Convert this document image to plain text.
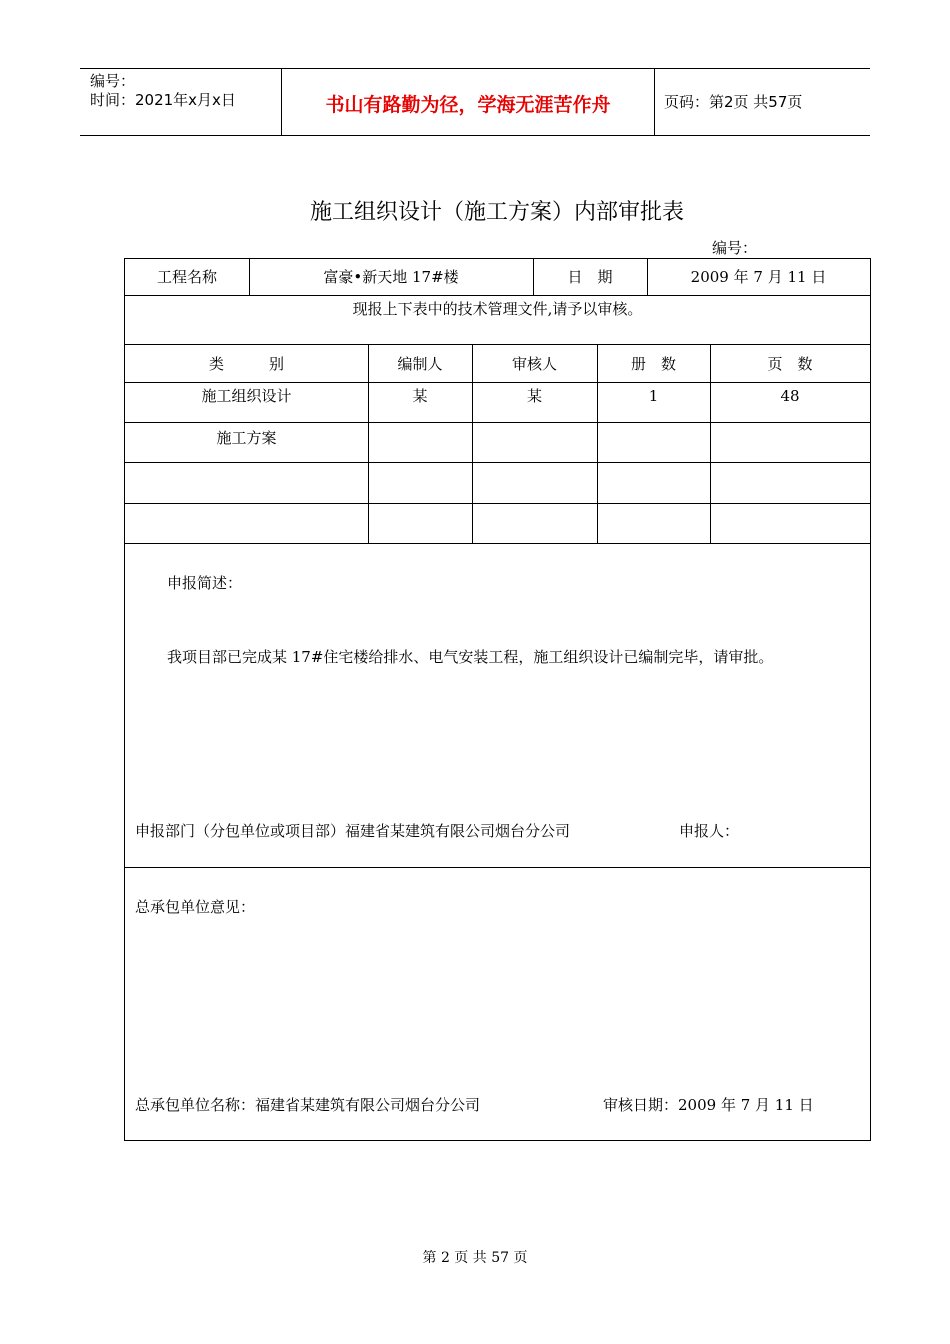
编号：
时间：2021年x月x日	书山有路勤为径，学海无涯苦作舟	页码：第2页 共57页
施工组织设计（施工方案）内部审批表
编号：
工程名称	富豪•新天地 17#楼	日　期	2009 年 7 月 11 日
现报上下表中的技术管理文件,请予以审核。
类　　　别	编制人	审核人	册　数	页　数
施工组织设计	某	某	1	48
施工方案
申报简述：
我项目部已完成某 17#住宅楼给排水、电气安装工程，施工组织设计已编制完毕，请审批。
申报部门（分包单位或项目部）福建省某建筑有限公司烟台分公司	申报人：
总承包单位意见：
总承包单位名称：福建省某建筑有限公司烟台分公司	审核日期：2009 年 7 月 11 日
第 2 页 共 57 页
